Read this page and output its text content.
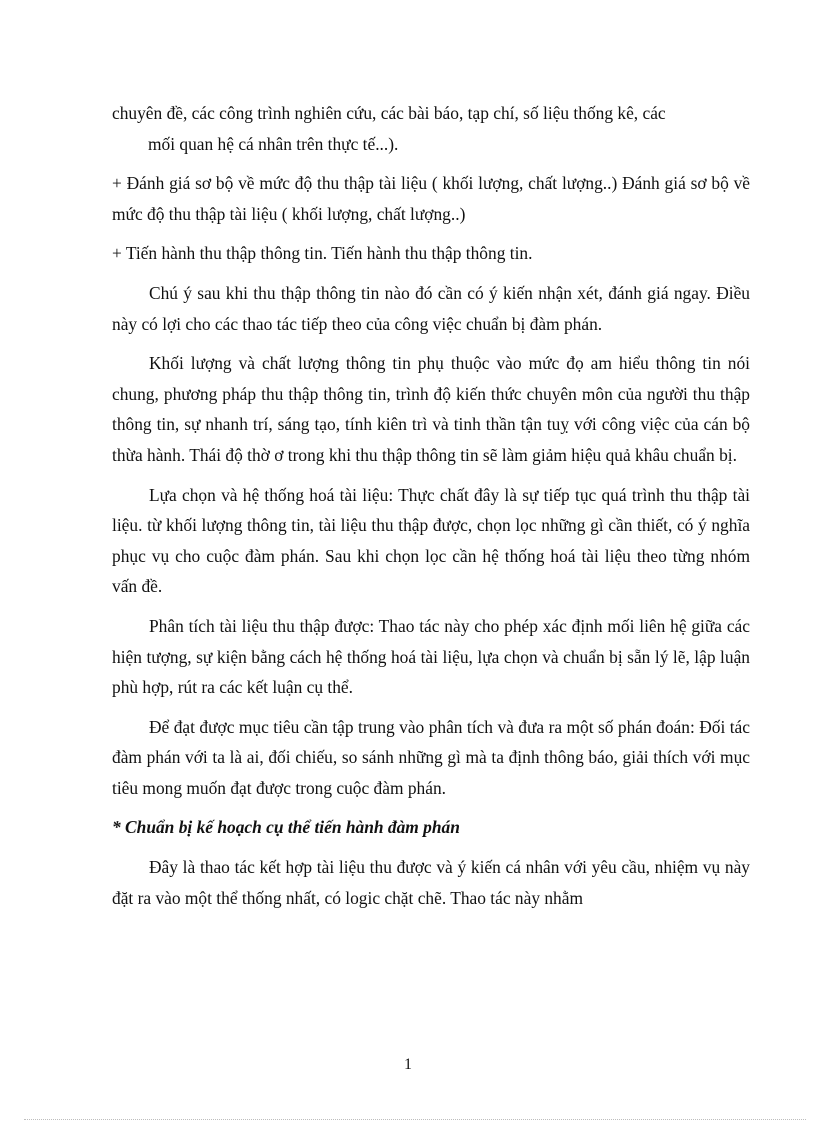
chuyên đề, các công trình nghiên cứu, các bài báo, tạp chí, số liệu thống kê, các
mối quan hệ cá nhân trên thực tế...).

+ Đánh giá sơ bộ về mức độ thu thập tài liệu ( khối lượng, chất lượng..) Đánh giá sơ bộ về mức độ thu thập tài liệu ( khối lượng, chất lượng..)

+ Tiến hành thu thập thông tin. Tiến hành thu thập thông tin.

Chú ý sau khi thu thập thông tin nào đó cần có ý kiến nhận xét, đánh giá ngay. Điều này có lợi cho các thao tác tiếp theo của công việc chuẩn bị đàm phán.

Khối lượng và chất lượng thông tin phụ thuộc vào mức đọ am hiểu thông tin nói chung, phương pháp thu thập thông tin, trình độ kiến thức chuyên môn của người thu thập thông tin, sự nhanh trí, sáng tạo, tính kiên trì và tinh thần tận tuỵ với công việc của cán bộ thừa hành. Thái độ thờ ơ trong khi thu thập thông tin sẽ làm giảm hiệu quả khâu chuẩn bị.

Lựa chọn và hệ thống hoá tài liệu: Thực chất đây là sự tiếp tục quá trình thu thập tài liệu. từ khối lượng thông tin, tài liệu thu thập được, chọn lọc những gì cần thiết, có ý nghĩa phục vụ cho cuộc đàm phán. Sau khi chọn lọc cần hệ thống hoá tài liệu theo từng nhóm vấn đề.

Phân tích tài liệu thu thập được: Thao tác này cho phép xác định mối liên hệ giữa các hiện tượng, sự kiện bằng cách hệ thống hoá tài liệu, lựa chọn và chuẩn bị sẵn lý lẽ, lập luận phù hợp, rút ra các kết luận cụ thể.

Để đạt được mục tiêu cần tập trung vào phân tích và đưa ra một số phán đoán: Đối tác đàm phán với ta là ai, đối chiếu, so sánh những gì mà ta định thông báo, giải thích với mục tiêu mong muốn đạt được trong cuộc đàm phán.

* Chuẩn bị kế hoạch cụ thể tiến hành đàm phán

Đây là thao tác kết hợp tài liệu thu được và ý kiến cá nhân với yêu cầu, nhiệm vụ này đặt ra vào một thể thống nhất, có logic chặt chẽ. Thao tác này nhằm

1
